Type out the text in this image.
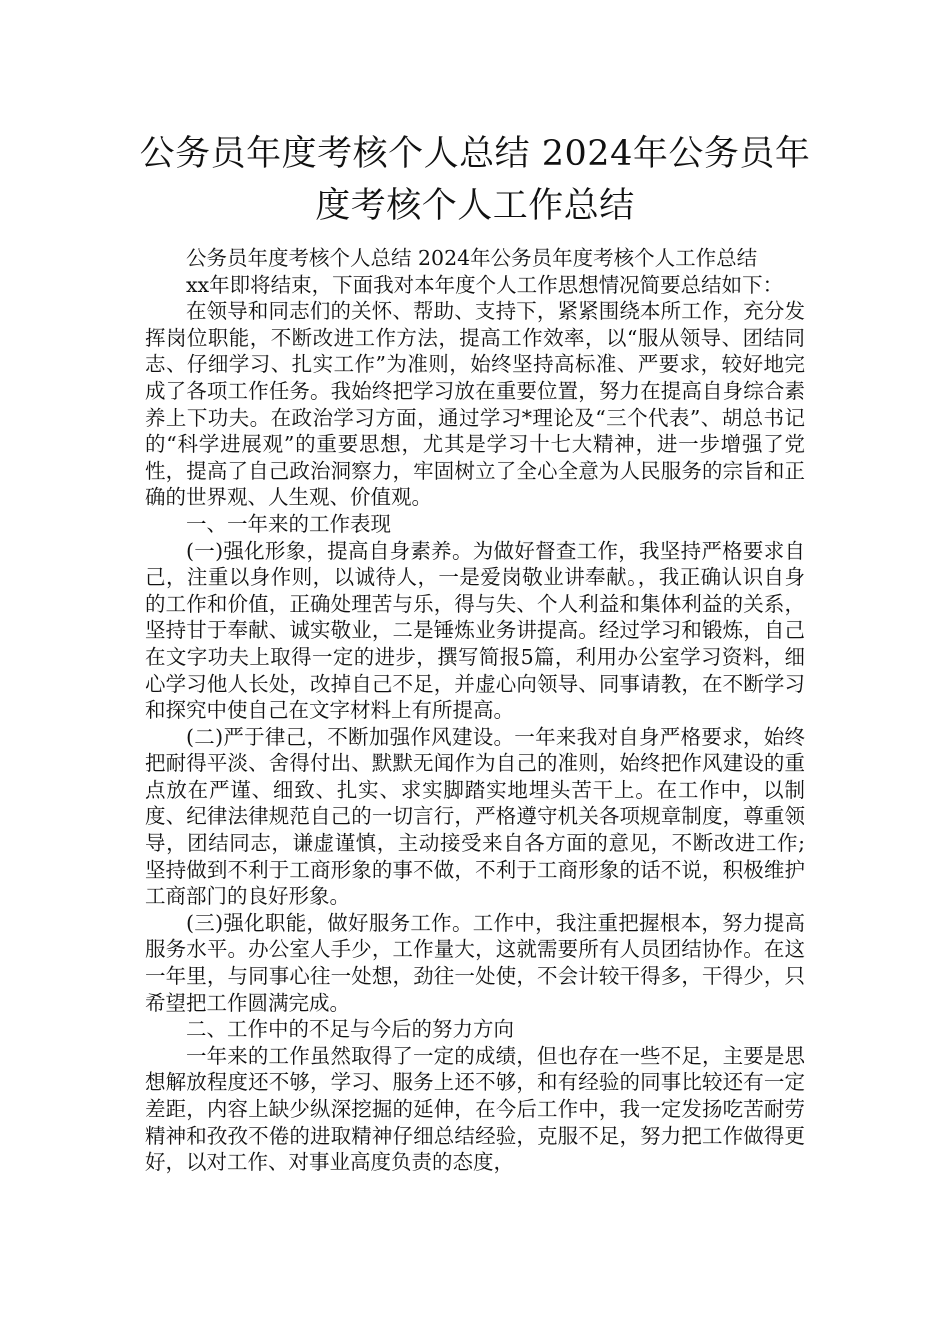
公务员年度考核个人总结 2024年公务员年度考核个人工作总结

公务员年度考核个人总结 2024年公务员年度考核个人工作总结

xx年即将结束，下面我对本年度个人工作思想情况简要总结如下：

在领导和同志们的关怀、帮助、支持下，紧紧围绕本所工作，充分发挥岗位职能，不断改进工作方法，提高工作效率，以“服从领导、团结同志、仔细学习、扎实工作”为准则，始终坚持高标准、严要求，较好地完成了各项工作任务。我始终把学习放在重要位置，努力在提高自身综合素养上下功夫。在政治学习方面，通过学习*理论及“三个代表”、胡总书记的“科学进展观”的重要思想，尤其是学习十七大精神，进一步增强了党性，提高了自己政治洞察力，牢固树立了全心全意为人民服务的宗旨和正确的世界观、人生观、价值观。

一、一年来的工作表现

(一)强化形象，提高自身素养。为做好督查工作，我坚持严格要求自己，注重以身作则，以诚待人，一是爱岗敬业讲奉献。，我正确认识自身的工作和价值，正确处理苦与乐，得与失、个人利益和集体利益的关系，坚持甘于奉献、诚实敬业，二是锤炼业务讲提高。经过学习和锻炼，自己在文字功夫上取得一定的进步，撰写简报5篇，利用办公室学习资料，细心学习他人长处，改掉自己不足，并虚心向领导、同事请教，在不断学习和探究中使自己在文字材料上有所提高。

(二)严于律己，不断加强作风建设。一年来我对自身严格要求，始终把耐得平淡、舍得付出、默默无闻作为自己的准则，始终把作风建设的重点放在严谨、细致、扎实、求实脚踏实地埋头苦干上。在工作中，以制度、纪律法律规范自己的一切言行，严格遵守机关各项规章制度，尊重领导，团结同志，谦虚谨慎，主动接受来自各方面的意见，不断改进工作;坚持做到不利于工商形象的事不做，不利于工商形象的话不说，积极维护工商部门的良好形象。

(三)强化职能，做好服务工作。工作中，我注重把握根本，努力提高服务水平。办公室人手少，工作量大，这就需要所有人员团结协作。在这一年里，与同事心往一处想，劲往一处使，不会计较干得多，干得少，只希望把工作圆满完成。

二、工作中的不足与今后的努力方向

一年来的工作虽然取得了一定的成绩，但也存在一些不足，主要是思想解放程度还不够，学习、服务上还不够，和有经验的同事比较还有一定差距，内容上缺少纵深挖掘的延伸，在今后工作中，我一定发扬吃苦耐劳精神和孜孜不倦的进取精神仔细总结经验，克服不足，努力把工作做得更好，以对工作、对事业高度负责的态度，
